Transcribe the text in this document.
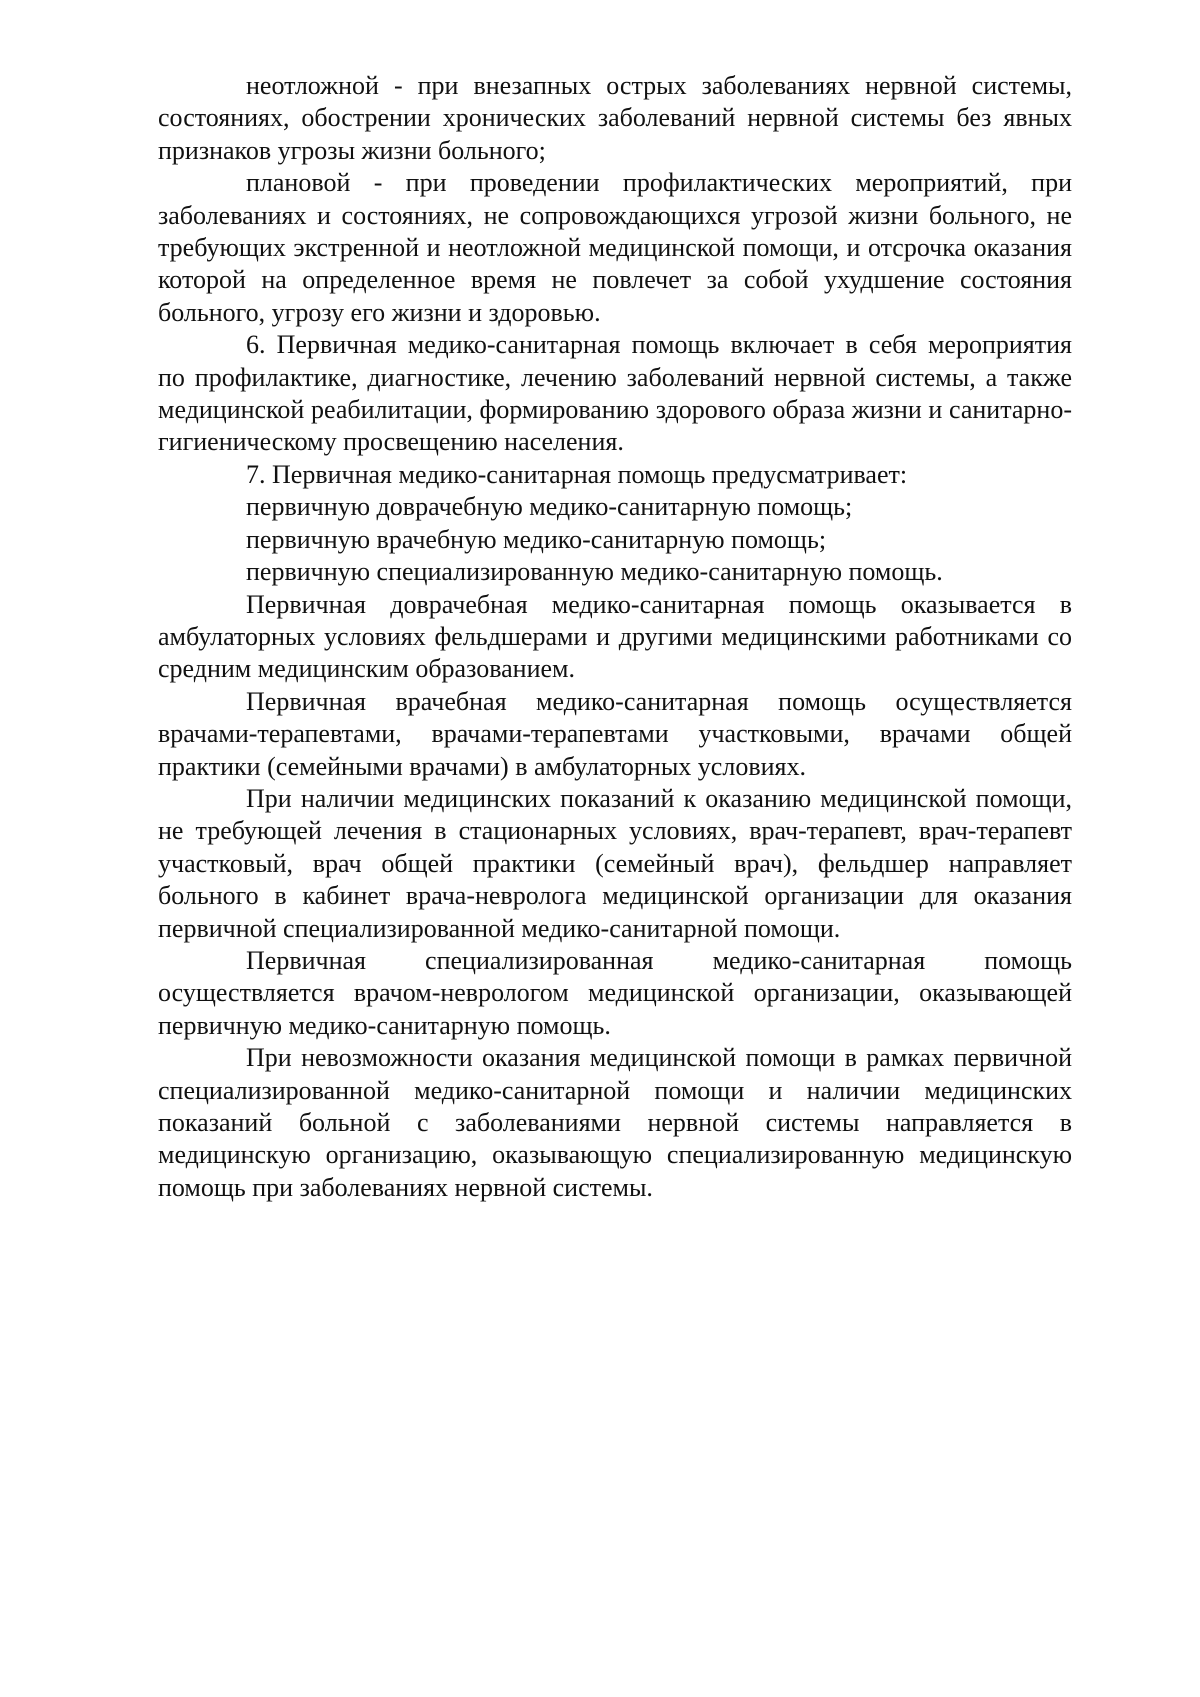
неотложной - при внезапных острых заболеваниях нервной системы, состояниях, обострении хронических заболеваний нервной системы без явных признаков угрозы жизни больного;

плановой - при проведении профилактических мероприятий, при заболеваниях и состояниях, не сопровождающихся угрозой жизни больного, не требующих экстренной и неотложной медицинской помощи, и отсрочка оказания которой на определенное время не повлечет за собой ухудшение состояния больного, угрозу его жизни и здоровью.

6. Первичная медико-санитарная помощь включает в себя мероприятия по профилактике, диагностике, лечению заболеваний нервной системы, а также медицинской реабилитации, формированию здорового образа жизни и санитарно-гигиеническому просвещению населения.

7. Первичная медико-санитарная помощь предусматривает:

первичную доврачебную медико-санитарную помощь;

первичную врачебную медико-санитарную помощь;

первичную специализированную медико-санитарную помощь.

Первичная доврачебная медико-санитарная помощь оказывается в амбулаторных условиях фельдшерами и другими медицинскими работниками со средним медицинским образованием.

Первичная врачебная медико-санитарная помощь осуществляется врачами-терапевтами, врачами-терапевтами участковыми, врачами общей практики (семейными врачами) в амбулаторных условиях.

При наличии медицинских показаний к оказанию медицинской помощи, не требующей лечения в стационарных условиях, врач-терапевт, врач-терапевт участковый, врач общей практики (семейный врач), фельдшер направляет больного в кабинет врача-невролога медицинской организации для оказания первичной специализированной медико-санитарной помощи.

Первичная специализированная медико-санитарная помощь осуществляется врачом-неврологом медицинской организации, оказывающей первичную медико-санитарную помощь.

При невозможности оказания медицинской помощи в рамках первичной специализированной медико-санитарной помощи и наличии медицинских показаний больной с заболеваниями нервной системы направляется в медицинскую организацию, оказывающую специализированную медицинскую помощь при заболеваниях нервной системы.
